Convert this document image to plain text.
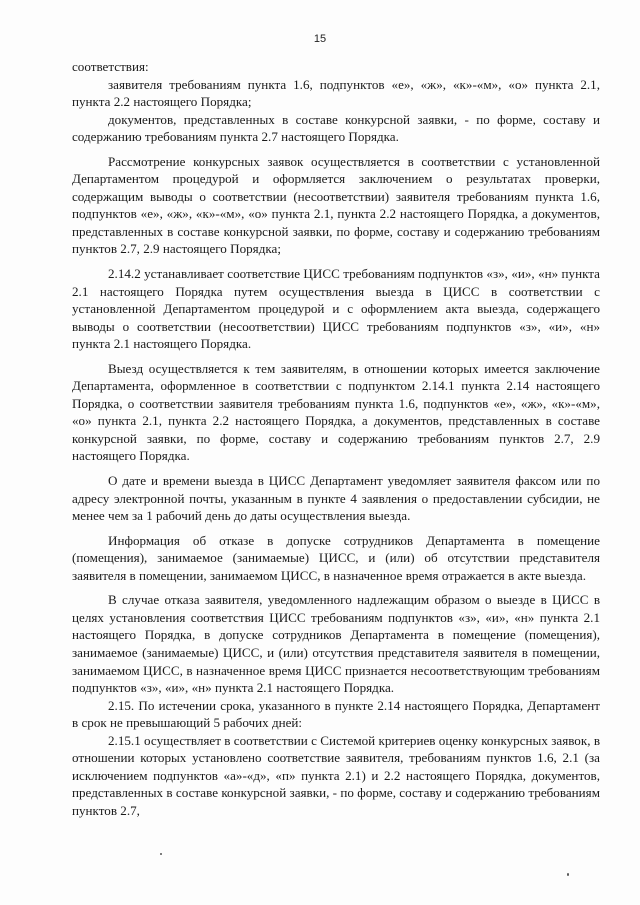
15

соответствия:

заявителя требованиям пункта 1.6, подпунктов «е», «ж», «к»-«м», «о» пункта 2.1, пункта 2.2 настоящего Порядка;

документов, представленных в составе конкурсной заявки, - по форме, составу и содержанию требованиям пункта 2.7 настоящего Порядка.

Рассмотрение конкурсных заявок осуществляется в соответствии с установленной Департаментом процедурой и оформляется заключением о результатах проверки, содержащим выводы о соответствии (несоответствии) заявителя требованиям пункта 1.6, подпунктов «е», «ж», «к»-«м», «о» пункта 2.1, пункта 2.2 настоящего Порядка, а документов, представленных в составе конкурсной заявки, по форме, составу и содержанию требованиям пунктов 2.7, 2.9 настоящего Порядка;

2.14.2 устанавливает соответствие ЦИСС требованиям подпунктов «з», «и», «н» пункта 2.1 настоящего Порядка путем осуществления выезда в ЦИСС в соответствии с установленной Департаментом процедурой и с оформлением акта выезда, содержащего выводы о соответствии (несоответствии) ЦИСС требованиям подпунктов «з», «и», «н» пункта 2.1 настоящего Порядка.

Выезд осуществляется к тем заявителям, в отношении которых имеется заключение Департамента, оформленное в соответствии с подпунктом 2.14.1 пункта 2.14 настоящего Порядка, о соответствии заявителя требованиям пункта 1.6, подпунктов «е», «ж», «к»-«м», «о» пункта 2.1, пункта 2.2 настоящего Порядка, а документов, представленных в составе конкурсной заявки, по форме, составу и содержанию требованиям пунктов 2.7, 2.9 настоящего Порядка.

О дате и времени выезда в ЦИСС Департамент уведомляет заявителя факсом или по адресу электронной почты, указанным в пункте 4 заявления о предоставлении субсидии, не менее чем за 1 рабочий день до даты осуществления выезда.

Информация об отказе в допуске сотрудников Департамента в помещение (помещения), занимаемое (занимаемые) ЦИСС, и (или) об отсутствии представителя заявителя в помещении, занимаемом ЦИСС, в назначенное время отражается в акте выезда.

В случае отказа заявителя, уведомленного надлежащим образом о выезде в ЦИСС в целях установления соответствия ЦИСС требованиям подпунктов «з», «и», «н» пункта 2.1 настоящего Порядка, в допуске сотрудников Департамента в помещение (помещения), занимаемое (занимаемые) ЦИСС, и (или) отсутствия представителя заявителя в помещении, занимаемом ЦИСС, в назначенное время ЦИСС признается несоответствующим требованиям подпунктов «з», «и», «н» пункта 2.1 настоящего Порядка.

2.15. По истечении срока, указанного в пункте 2.14 настоящего Порядка, Департамент в срок не превышающий 5 рабочих дней:

2.15.1 осуществляет в соответствии с Системой критериев оценку конкурсных заявок, в отношении которых установлено соответствие заявителя, требованиям пунктов 1.6, 2.1 (за исключением подпунктов «а»-«д», «п» пункта 2.1) и 2.2 настоящего Порядка, документов, представленных в составе конкурсной заявки, - по форме, составу и содержанию требованиям пунктов 2.7,
